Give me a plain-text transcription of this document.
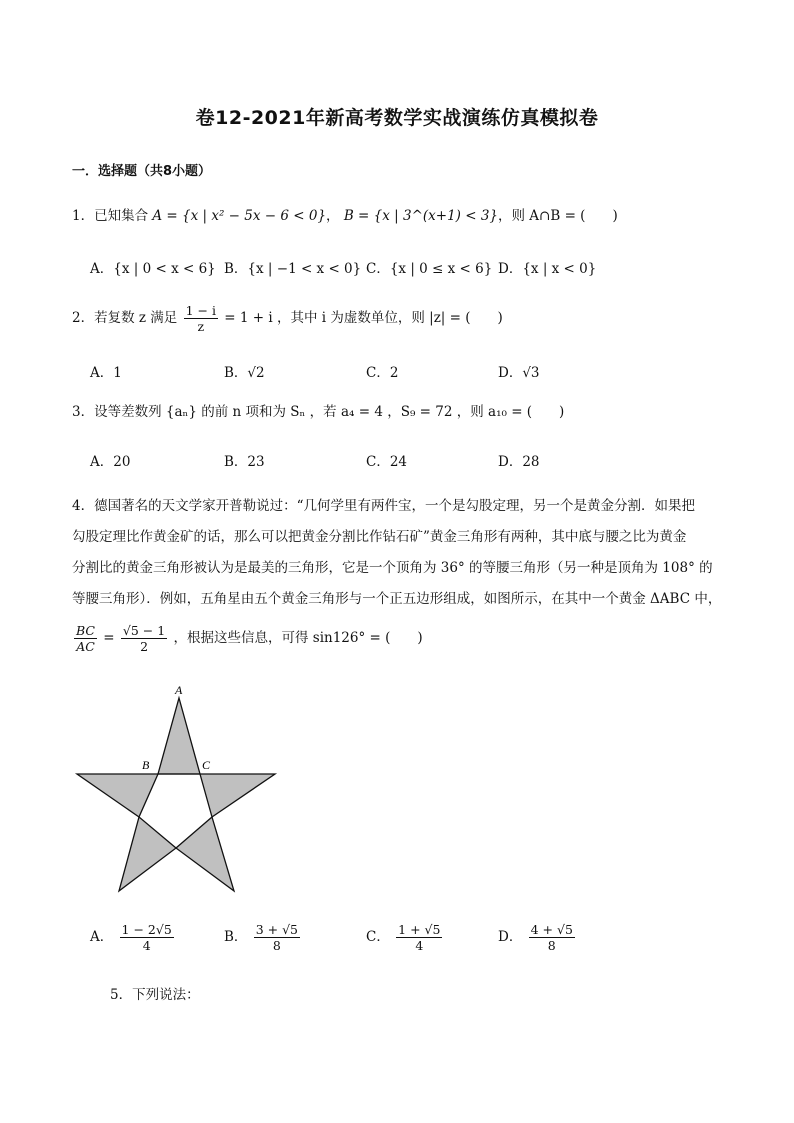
卷12-2021年新高考数学实战演练仿真模拟卷
一．选择题（共8小题）
1．已知集合 A = {x | x² − 5x − 6 < 0}， B = {x | 3^(x+1) < 3}，则 A∩B = (　　)
A．{x | 0 < x < 6} B．{x | −1 < x < 0} C．{x | 0 ≤ x < 6} D．{x | x < 0}
2．若复数 z 满足 $\frac{1 - i}{z} = 1 + i$ ，其中 i 为虚数单位，则 |z| = (　　)
A．1	B．√2	C．2	D．√3
3．设等差数列 {aₙ} 的前 n 项和为 Sₙ ，若 a₄ = 4 ，S₉ = 72 ，则 a₁₀ = (　　)
A．20	B．23	C．24	D．28
4．德国著名的天文学家开普勒说过：“几何学里有两件宝，一个是勾股定理，另一个是黄金分割．如果把
勾股定理比作黄金矿的话，那么可以把黄金分割比作钻石矿”黄金三角形有两种，其中底与腰之比为黄金
分割比的黄金三角形被认为是最美的三角形，它是一个顶角为 36° 的等腰三角形（另一种是顶角为 108° 的
等腰三角形）．例如，五角星由五个黄金三角形与一个正五边形组成，如图所示，在其中一个黄金 ΔABC 中，
$\frac{BC}{AC} = \frac{√5 - 1}{2}$ ，根据这些信息，可得 sin126° = (　　)
A
B	C
A． $\frac{1 - 2√5}{4}$	B． $\frac{3 + √5}{8}$	C． $\frac{1 + √5}{4}$	D． $\frac{4 + √5}{8}$
5．下列说法：
